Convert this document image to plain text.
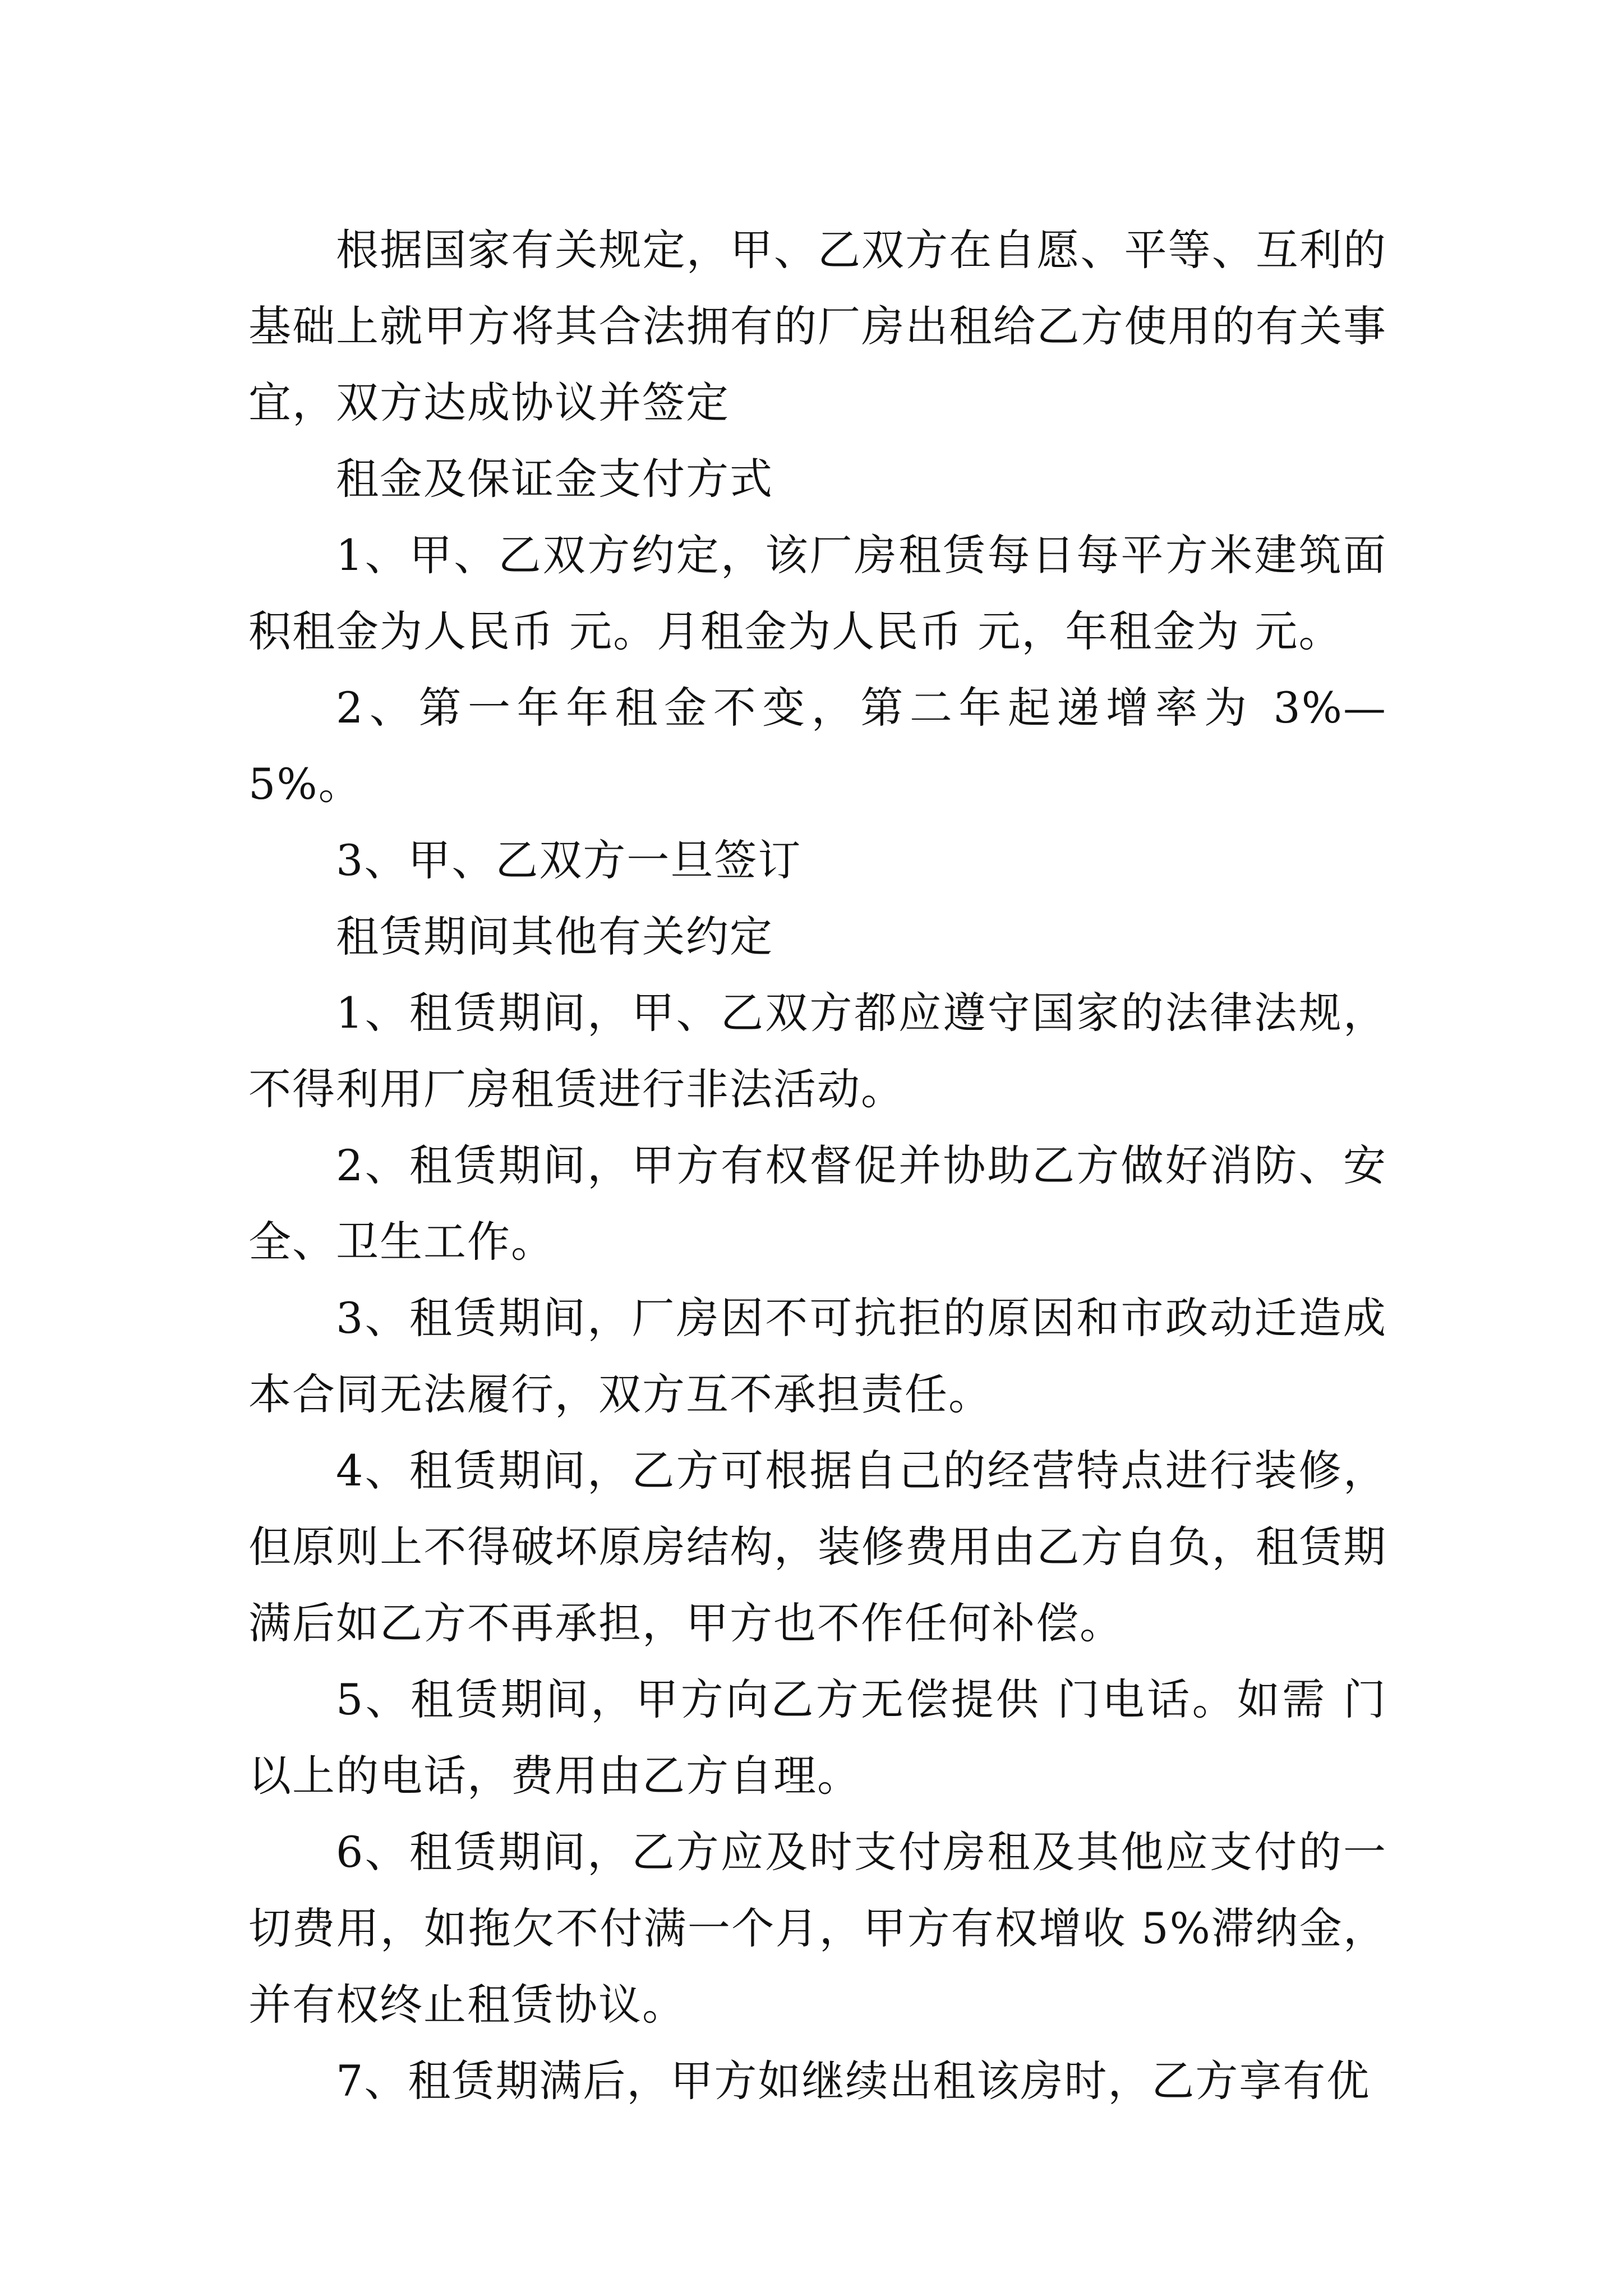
根据国家有关规定，甲、乙双方在自愿、平等、互利的基础上就甲方将其合法拥有的厂房出租给乙方使用的有关事宜，双方达成协议并签定

租金及保证金支付方式

1、甲、乙双方约定，该厂房租赁每日每平方米建筑面积租金为人民币 元。月租金为人民币 元，年租金为 元。

2、第一年年租金不变，第二年起递增率为 3%—5%。

3、甲、乙双方一旦签订

租赁期间其他有关约定

1、租赁期间，甲、乙双方都应遵守国家的法律法规，不得利用厂房租赁进行非法活动。

2、租赁期间，甲方有权督促并协助乙方做好消防、安全、卫生工作。

3、租赁期间，厂房因不可抗拒的原因和市政动迁造成本合同无法履行，双方互不承担责任。

4、租赁期间，乙方可根据自己的经营特点进行装修，但原则上不得破坏原房结构，装修费用由乙方自负，租赁期满后如乙方不再承担，甲方也不作任何补偿。

5、租赁期间，甲方向乙方无偿提供 门电话。如需 门以上的电话，费用由乙方自理。

6、租赁期间，乙方应及时支付房租及其他应支付的一切费用，如拖欠不付满一个月，甲方有权增收 5%滞纳金，并有权终止租赁协议。

7、租赁期满后，甲方如继续出租该房时，乙方享有优
